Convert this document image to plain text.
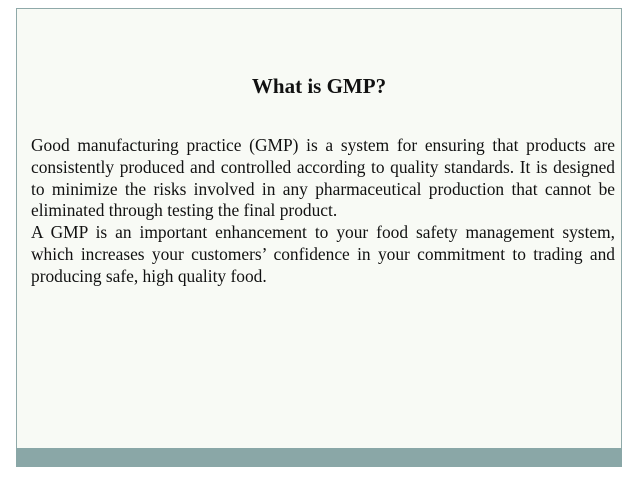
What is GMP?

Good manufacturing practice (GMP) is a system for ensuring that products are consistently produced and controlled according to quality standards. It is designed to minimize the risks involved in any pharmaceutical production that cannot be eliminated through testing the final product.

A GMP is an important enhancement to your food safety management system, which increases your customers’ confidence in your commitment to trading and producing safe, high quality food.
